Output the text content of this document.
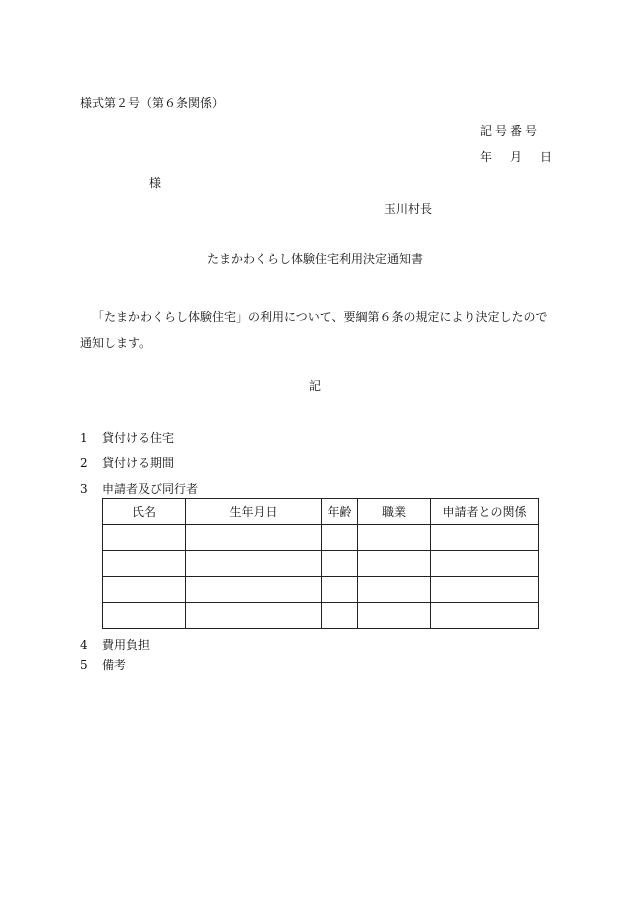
様式第２号（第６条関係）
記号番号
年 月 日
様
玉川村長
たまかわくらし体験住宅利用決定通知書
「たまかわくらし体験住宅」の利用について、要綱第６条の規定により決定したので通知します。
記
1 貸付ける住宅
2 貸付ける期間
3 申請者及び同行者
氏名	生年月日	年齢	職業	申請者との関係

4 費用負担
5 備考
